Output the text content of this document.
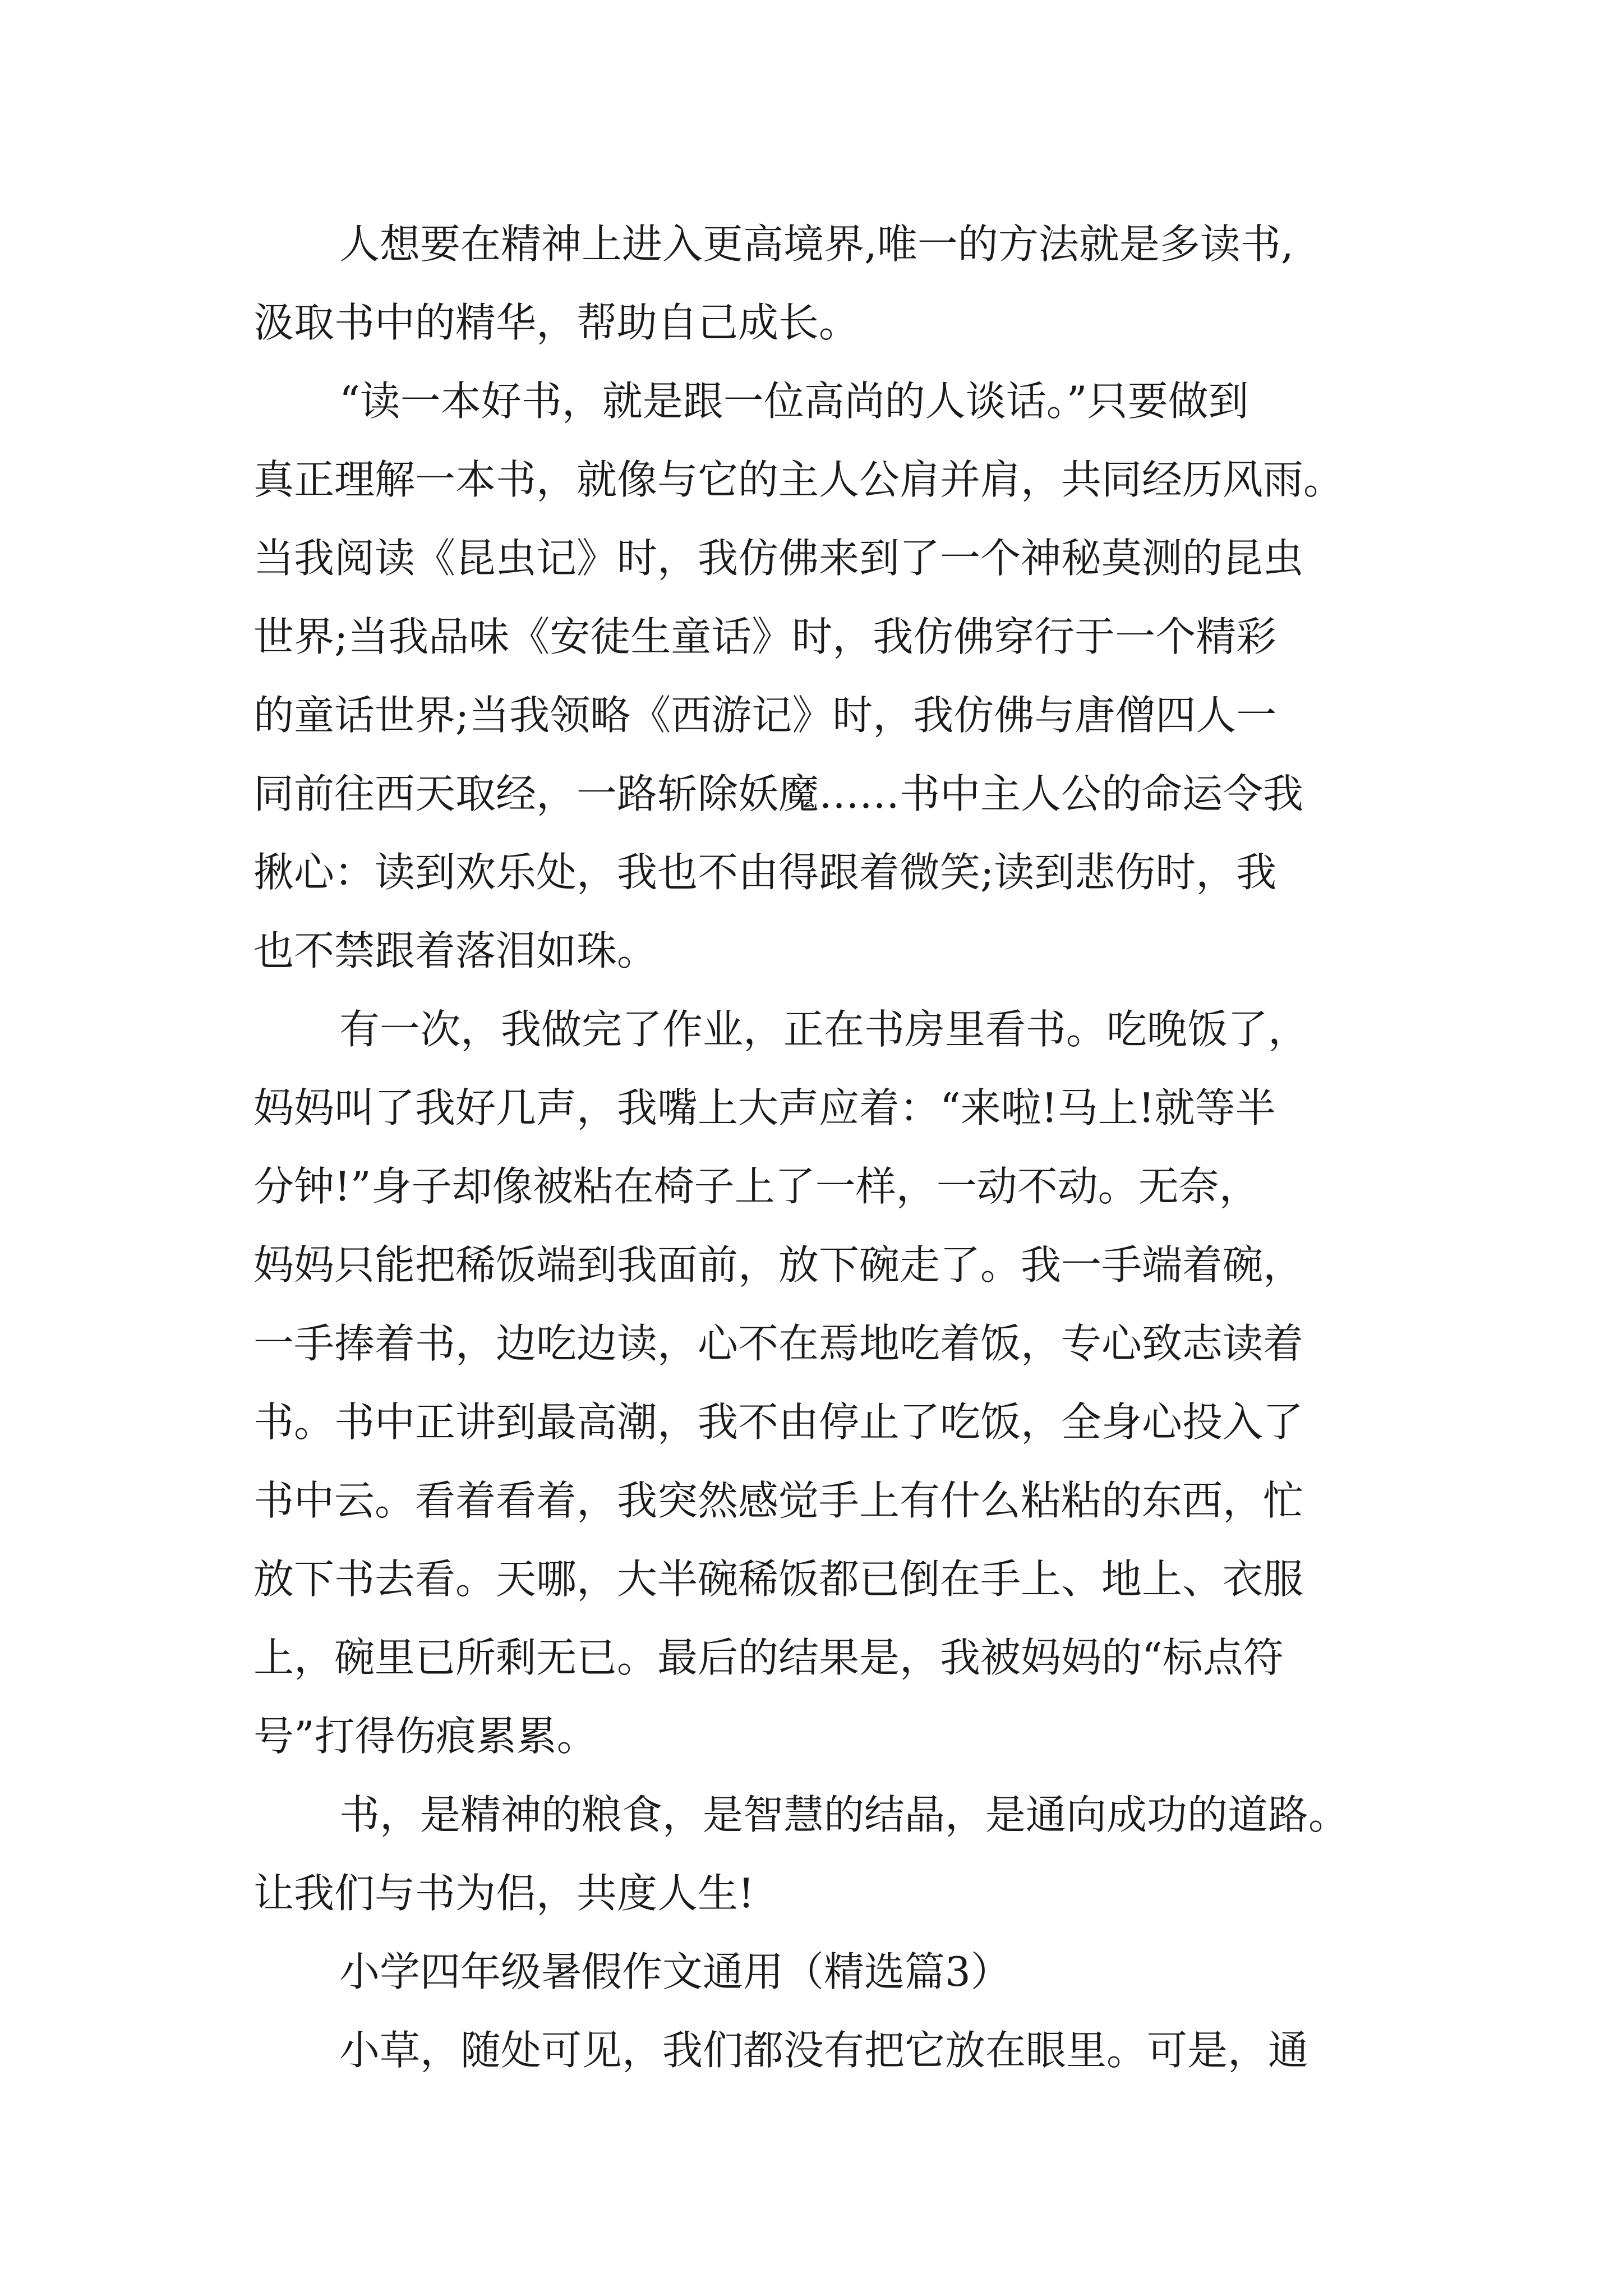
人想要在精神上进入更高境界,唯一的方法就是多读书,
汲取书中的精华，帮助自己成长。
“读一本好书，就是跟一位高尚的人谈话。”只要做到
真正理解一本书，就像与它的主人公肩并肩，共同经历风雨。
当我阅读《昆虫记》时，我仿佛来到了一个神秘莫测的昆虫
世界;当我品味《安徒生童话》时，我仿佛穿行于一个精彩
的童话世界;当我领略《西游记》时，我仿佛与唐僧四人一
同前往西天取经，一路斩除妖魔……书中主人公的命运令我
揪心：读到欢乐处，我也不由得跟着微笑;读到悲伤时，我
也不禁跟着落泪如珠。
有一次，我做完了作业，正在书房里看书。吃晚饭了，
妈妈叫了我好几声，我嘴上大声应着：“来啦!马上!就等半
分钟!”身子却像被粘在椅子上了一样，一动不动。无奈，
妈妈只能把稀饭端到我面前，放下碗走了。我一手端着碗，
一手捧着书，边吃边读，心不在焉地吃着饭，专心致志读着
书。书中正讲到最高潮，我不由停止了吃饭，全身心投入了
书中云。看着看着，我突然感觉手上有什么粘粘的东西，忙
放下书去看。天哪，大半碗稀饭都已倒在手上、地上、衣服
上，碗里已所剩无已。最后的结果是，我被妈妈的“标点符
号”打得伤痕累累。
书，是精神的粮食，是智慧的结晶，是通向成功的道路。
让我们与书为侣，共度人生!
小学四年级暑假作文通用（精选篇3）
小草，随处可见，我们都没有把它放在眼里。可是，通
